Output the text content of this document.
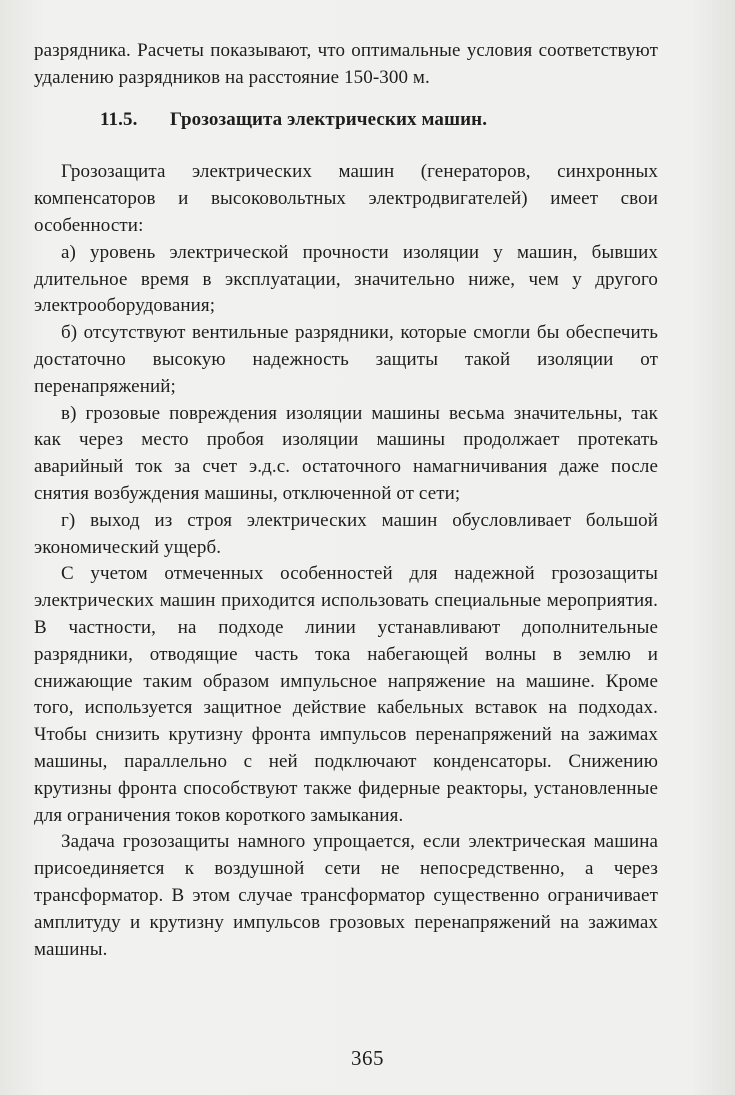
разрядника. Расчеты показывают, что оптимальные условия соответствуют удалению разрядников на расстояние 150-300 м.

11.5. Грозозащита электрических машин.

Грозозащита электрических машин (генераторов, синхронных компенсаторов и высоковольтных электродвигателей) имеет свои особенности:

а) уровень электрической прочности изоляции у машин, бывших длительное время в эксплуатации, значительно ниже, чем у другого электрооборудования;

б) отсутствуют вентильные разрядники, которые смогли бы обеспечить достаточно высокую надежность защиты такой изоляции от перенапряжений;

в) грозовые повреждения изоляции машины весьма значительны, так как через место пробоя изоляции машины продолжает протекать аварийный ток за счет э.д.с. остаточного намагничивания даже после снятия возбуждения машины, отключенной от сети;

г) выход из строя электрических машин обусловливает большой экономический ущерб.

С учетом отмеченных особенностей для надежной грозозащиты электрических машин приходится использовать специальные мероприятия. В частности, на подходе линии устанавливают дополнительные разрядники, отводящие часть тока набегающей волны в землю и снижающие таким образом импульсное напряжение на машине. Кроме того, используется защитное действие кабельных вставок на подходах. Чтобы снизить крутизну фронта импульсов перенапряжений на зажимах машины, параллельно с ней подключают конденсаторы. Снижению крутизны фронта способствуют также фидерные реакторы, установленные для ограничения токов короткого замыкания.

Задача грозозащиты намного упрощается, если электрическая машина присоединяется к воздушной сети не непосредственно, а через трансформатор. В этом случае трансформатор существенно ограничивает амплитуду и крутизну импульсов грозовых перенапряжений на зажимах машины.

365
